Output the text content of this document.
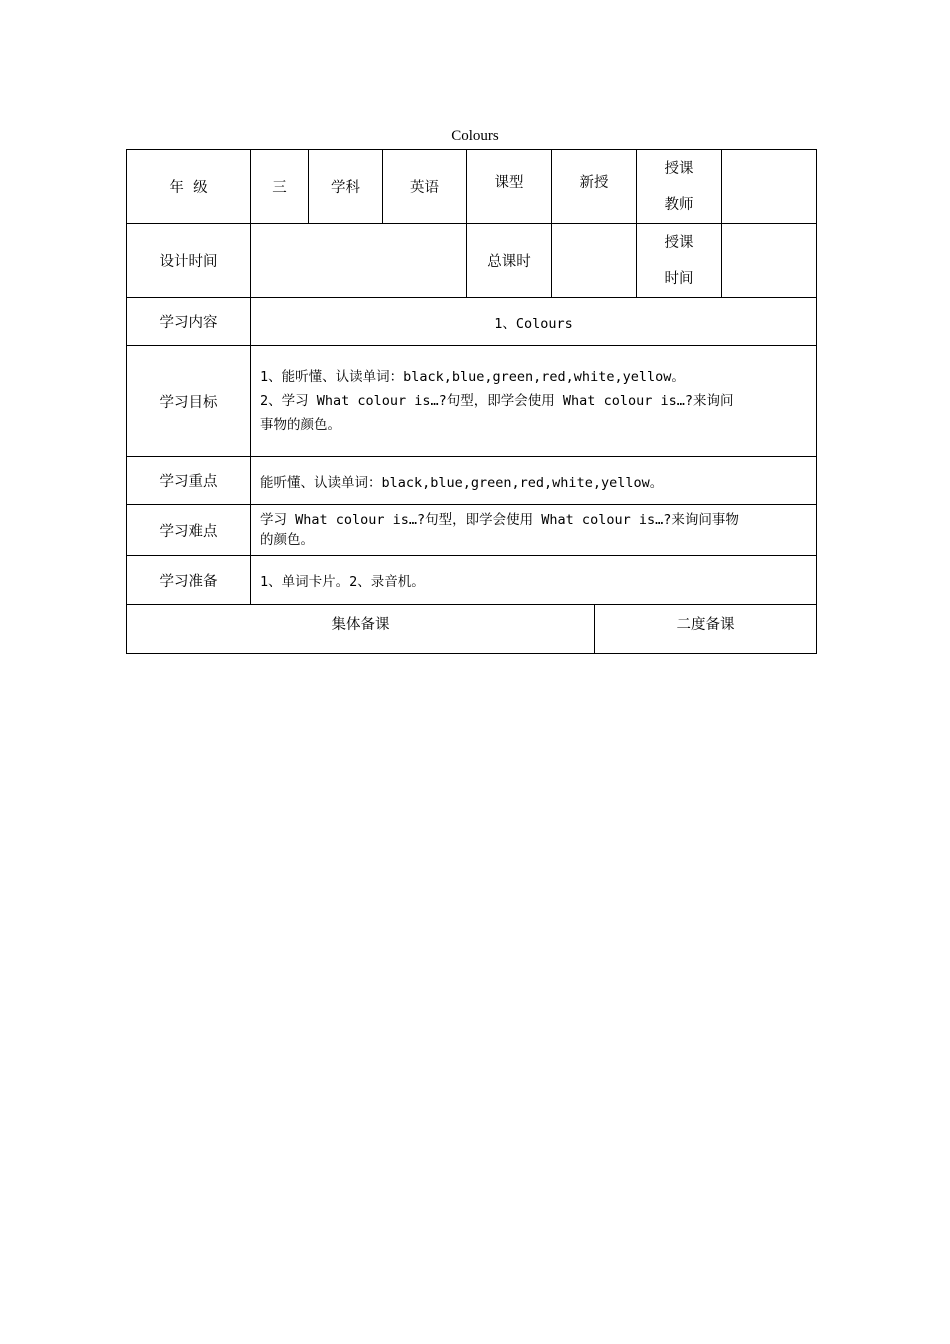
Colours
年  级	三	学科	英语	课型	新授		授课
教师	

设计时间				总课时			授课
时间	

学习内容	1、Colours							
学习目标	1、能听懂、认读单词：black,blue,green,red,white,yellow。
2、学习 What colour is…?句型，即学会使用 What colour is…?来询问
事物的颜色。							

学习重点	能听懂、认读单词：black,blue,green,red,white,yellow。							
学习难点	学习 What colour is…?句型，即学会使用 What colour is…?来询问事物
的颜色。							

学习准备	1、单词卡片。2、录音机。							
集体备课						二度备课		
